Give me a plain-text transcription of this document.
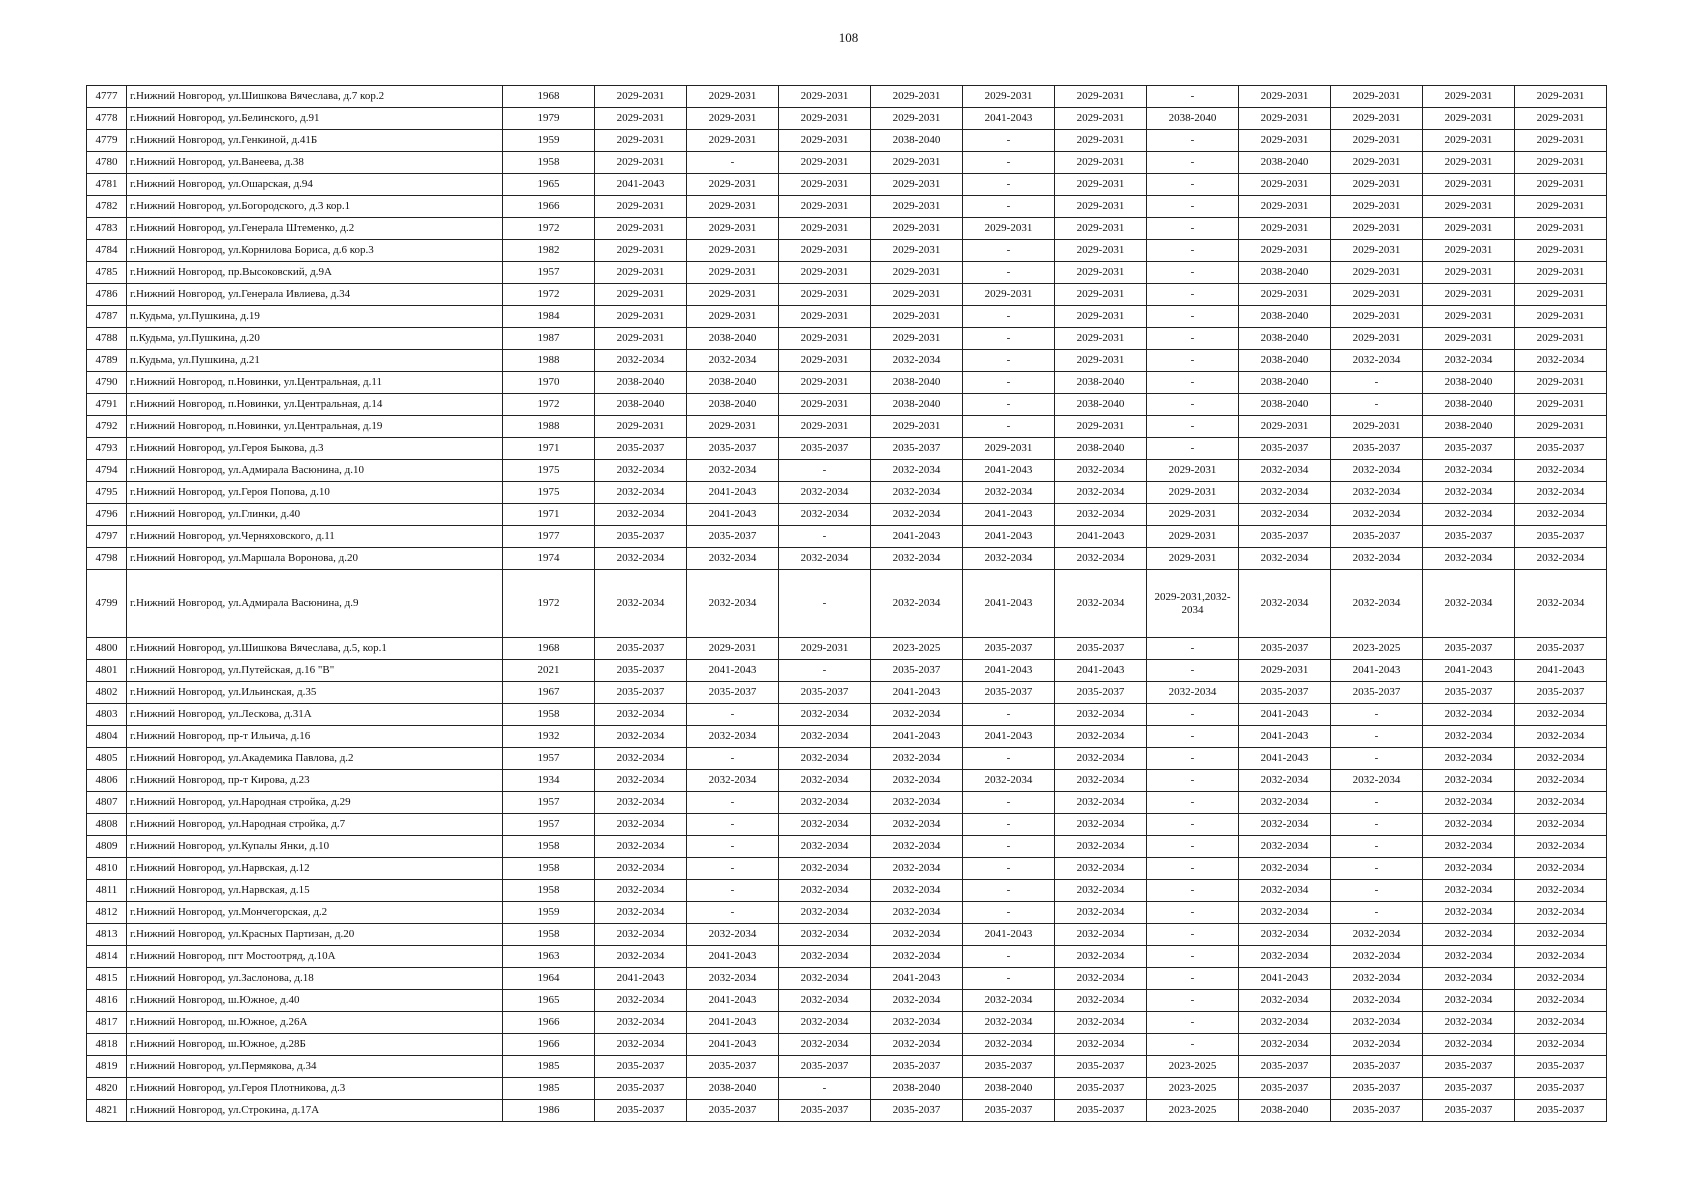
108
4777	г.Нижний Новгород, ул.Шишкова Вячеслава, д.7 кор.2	1968	2029-2031	2029-2031	2029-2031	2029-2031	2029-2031	2029-2031	-	2029-2031	2029-2031	2029-2031	2029-2031
4778	г.Нижний Новгород, ул.Белинского, д.91	1979	2029-2031	2029-2031	2029-2031	2029-2031	2041-2043	2029-2031	2038-2040	2029-2031	2029-2031	2029-2031	2029-2031
4779	г.Нижний Новгород, ул.Генкиной, д.41Б	1959	2029-2031	2029-2031	2029-2031	2038-2040	-	2029-2031	-	2029-2031	2029-2031	2029-2031	2029-2031
4780	г.Нижний Новгород, ул.Ванеева, д.38	1958	2029-2031	-	2029-2031	2029-2031	-	2029-2031	-	2038-2040	2029-2031	2029-2031	2029-2031
4781	г.Нижний Новгород, ул.Ошарская, д.94	1965	2041-2043	2029-2031	2029-2031	2029-2031	-	2029-2031	-	2029-2031	2029-2031	2029-2031	2029-2031
4782	г.Нижний Новгород, ул.Богородского, д.3 кор.1	1966	2029-2031	2029-2031	2029-2031	2029-2031	-	2029-2031	-	2029-2031	2029-2031	2029-2031	2029-2031
4783	г.Нижний Новгород, ул.Генерала Штеменко, д.2	1972	2029-2031	2029-2031	2029-2031	2029-2031	2029-2031	2029-2031	-	2029-2031	2029-2031	2029-2031	2029-2031
4784	г.Нижний Новгород, ул.Корнилова Бориса, д.6 кор.3	1982	2029-2031	2029-2031	2029-2031	2029-2031	-	2029-2031	-	2029-2031	2029-2031	2029-2031	2029-2031
4785	г.Нижний Новгород, пр.Высоковский, д.9А	1957	2029-2031	2029-2031	2029-2031	2029-2031	-	2029-2031	-	2038-2040	2029-2031	2029-2031	2029-2031
4786	г.Нижний Новгород, ул.Генерала Ивлиева, д.34	1972	2029-2031	2029-2031	2029-2031	2029-2031	2029-2031	2029-2031	-	2029-2031	2029-2031	2029-2031	2029-2031
4787	п.Кудьма, ул.Пушкина, д.19	1984	2029-2031	2029-2031	2029-2031	2029-2031	-	2029-2031	-	2038-2040	2029-2031	2029-2031	2029-2031
4788	п.Кудьма, ул.Пушкина, д.20	1987	2029-2031	2038-2040	2029-2031	2029-2031	-	2029-2031	-	2038-2040	2029-2031	2029-2031	2029-2031
4789	п.Кудьма, ул.Пушкина, д.21	1988	2032-2034	2032-2034	2029-2031	2032-2034	-	2029-2031	-	2038-2040	2032-2034	2032-2034	2032-2034
4790	г.Нижний Новгород, п.Новинки, ул.Центральная, д.11	1970	2038-2040	2038-2040	2029-2031	2038-2040	-	2038-2040	-	2038-2040	-	2038-2040	2029-2031
4791	г.Нижний Новгород, п.Новинки, ул.Центральная, д.14	1972	2038-2040	2038-2040	2029-2031	2038-2040	-	2038-2040	-	2038-2040	-	2038-2040	2029-2031
4792	г.Нижний Новгород, п.Новинки, ул.Центральная, д.19	1988	2029-2031	2029-2031	2029-2031	2029-2031	-	2029-2031	-	2029-2031	2029-2031	2038-2040	2029-2031
4793	г.Нижний Новгород, ул.Героя Быкова, д.3	1971	2035-2037	2035-2037	2035-2037	2035-2037	2029-2031	2038-2040	-	2035-2037	2035-2037	2035-2037	2035-2037
4794	г.Нижний Новгород, ул.Адмирала Васюнина, д.10	1975	2032-2034	2032-2034	-	2032-2034	2041-2043	2032-2034	2029-2031	2032-2034	2032-2034	2032-2034	2032-2034
4795	г.Нижний Новгород, ул.Героя Попова, д.10	1975	2032-2034	2041-2043	2032-2034	2032-2034	2032-2034	2032-2034	2029-2031	2032-2034	2032-2034	2032-2034	2032-2034
4796	г.Нижний Новгород, ул.Глинки, д.40	1971	2032-2034	2041-2043	2032-2034	2032-2034	2041-2043	2032-2034	2029-2031	2032-2034	2032-2034	2032-2034	2032-2034
4797	г.Нижний Новгород, ул.Черняховского, д.11	1977	2035-2037	2035-2037	-	2041-2043	2041-2043	2041-2043	2029-2031	2035-2037	2035-2037	2035-2037	2035-2037
4798	г.Нижний Новгород, ул.Маршала Воронова, д.20	1974	2032-2034	2032-2034	2032-2034	2032-2034	2032-2034	2032-2034	2029-2031	2032-2034	2032-2034	2032-2034	2032-2034
4799	г.Нижний Новгород, ул.Адмирала Васюнина, д.9	1972	2032-2034	2032-2034	-	2032-2034	2041-2043	2032-2034	2029-2031,2032-2034	2032-2034	2032-2034	2032-2034	2032-2034
4800	г.Нижний Новгород, ул.Шишкова Вячеслава, д.5, кор.1	1968	2035-2037	2029-2031	2029-2031	2023-2025	2035-2037	2035-2037	-	2035-2037	2023-2025	2035-2037	2035-2037
4801	г.Нижний Новгород, ул.Путейская, д.16 "В"	2021	2035-2037	2041-2043	-	2035-2037	2041-2043	2041-2043	-	2029-2031	2041-2043	2041-2043	2041-2043
4802	г.Нижний Новгород, ул.Ильинская, д.35	1967	2035-2037	2035-2037	2035-2037	2041-2043	2035-2037	2035-2037	2032-2034	2035-2037	2035-2037	2035-2037	2035-2037
4803	г.Нижний Новгород, ул.Лескова, д.31А	1958	2032-2034	-	2032-2034	2032-2034	-	2032-2034	-	2041-2043	-	2032-2034	2032-2034
4804	г.Нижний Новгород, пр-т Ильича, д.16	1932	2032-2034	2032-2034	2032-2034	2041-2043	2041-2043	2032-2034	-	2041-2043	-	2032-2034	2032-2034
4805	г.Нижний Новгород, ул.Академика Павлова, д.2	1957	2032-2034	-	2032-2034	2032-2034	-	2032-2034	-	2041-2043	-	2032-2034	2032-2034
4806	г.Нижний Новгород, пр-т Кирова, д.23	1934	2032-2034	2032-2034	2032-2034	2032-2034	2032-2034	2032-2034	-	2032-2034	2032-2034	2032-2034	2032-2034
4807	г.Нижний Новгород, ул.Народная стройка, д.29	1957	2032-2034	-	2032-2034	2032-2034	-	2032-2034	-	2032-2034	-	2032-2034	2032-2034
4808	г.Нижний Новгород, ул.Народная стройка, д.7	1957	2032-2034	-	2032-2034	2032-2034	-	2032-2034	-	2032-2034	-	2032-2034	2032-2034
4809	г.Нижний Новгород, ул.Купалы Янки, д.10	1958	2032-2034	-	2032-2034	2032-2034	-	2032-2034	-	2032-2034	-	2032-2034	2032-2034
4810	г.Нижний Новгород, ул.Нарвская, д.12	1958	2032-2034	-	2032-2034	2032-2034	-	2032-2034	-	2032-2034	-	2032-2034	2032-2034
4811	г.Нижний Новгород, ул.Нарвская, д.15	1958	2032-2034	-	2032-2034	2032-2034	-	2032-2034	-	2032-2034	-	2032-2034	2032-2034
4812	г.Нижний Новгород, ул.Мончегорская, д.2	1959	2032-2034	-	2032-2034	2032-2034	-	2032-2034	-	2032-2034	-	2032-2034	2032-2034
4813	г.Нижний Новгород, ул.Красных Партизан, д.20	1958	2032-2034	2032-2034	2032-2034	2032-2034	2041-2043	2032-2034	-	2032-2034	2032-2034	2032-2034	2032-2034
4814	г.Нижний Новгород, пгт Мостоотряд, д.10А	1963	2032-2034	2041-2043	2032-2034	2032-2034	-	2032-2034	-	2032-2034	2032-2034	2032-2034	2032-2034
4815	г.Нижний Новгород, ул.Заслонова, д.18	1964	2041-2043	2032-2034	2032-2034	2041-2043	-	2032-2034	-	2041-2043	2032-2034	2032-2034	2032-2034
4816	г.Нижний Новгород, ш.Южное, д.40	1965	2032-2034	2041-2043	2032-2034	2032-2034	2032-2034	2032-2034	-	2032-2034	2032-2034	2032-2034	2032-2034
4817	г.Нижний Новгород, ш.Южное, д.26А	1966	2032-2034	2041-2043	2032-2034	2032-2034	2032-2034	2032-2034	-	2032-2034	2032-2034	2032-2034	2032-2034
4818	г.Нижний Новгород, ш.Южное, д.28Б	1966	2032-2034	2041-2043	2032-2034	2032-2034	2032-2034	2032-2034	-	2032-2034	2032-2034	2032-2034	2032-2034
4819	г.Нижний Новгород, ул.Пермякова, д.34	1985	2035-2037	2035-2037	2035-2037	2035-2037	2035-2037	2035-2037	2023-2025	2035-2037	2035-2037	2035-2037	2035-2037
4820	г.Нижний Новгород, ул.Героя Плотникова, д.3	1985	2035-2037	2038-2040	-	2038-2040	2038-2040	2035-2037	2023-2025	2035-2037	2035-2037	2035-2037	2035-2037
4821	г.Нижний Новгород, ул.Строкина, д.17А	1986	2035-2037	2035-2037	2035-2037	2035-2037	2035-2037	2035-2037	2023-2025	2038-2040	2035-2037	2035-2037	2035-2037
